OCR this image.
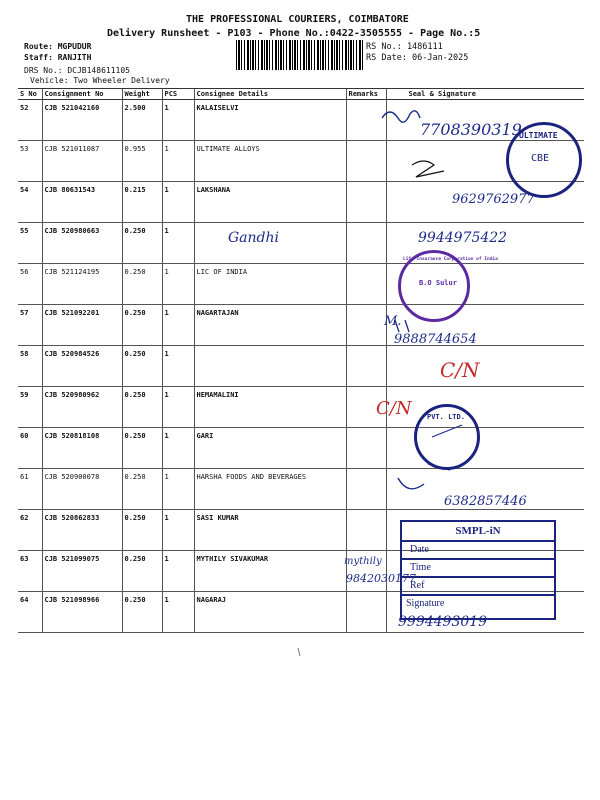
THE PROFESSIONAL COURIERS, COIMBATORE
Delivery Runsheet - P103 - Phone No.:0422-3505555 - Page No.:5
Route: MGPUDUR
Staff: RANJITH
RS No.: 1486111
RS Date: 06-Jan-2025
DRS No.: DCJB148611105
Vehicle: Two Wheeler Delivery
S No	Consignment No	Weight	PCS	Consignee Details	Remarks	Seal & Signature
52	CJB 521042160	2.500	1	KALAISELVI		
53	CJB 521011087	0.955	1	ULTIMATE ALLOYS		
54	CJB 80631543	0.215	1	LAKSHANA		
55	CJB 520980663	0.250	1			
56	CJB 521124195	0.250	1	LIC OF INDIA		
57	CJB 521092201	0.250	1	NAGARTAJAN		
58	CJB 520984526	0.250	1			
59	CJB 520980962	0.250	1	HEMAMALINI		
60	CJB 520818108	0.250	1	GARI		
61	CJB 520900078	0.250	1	HARSHA FOODS AND BEVERAGES		
62	CJB 520862833	0.250	1	SASI KUMAR		
63	CJB 521099075	0.250	1	MYTHILY SIVAKUMAR		
64	CJB 521098966	0.250	1	NAGARAJ		
7708390319
9629762977
Gandhi	9944975422
M.
9888744654
C/N
C/N
6382857446
mythily
9842030177
9994493019
ULTIMATE
CBE
Life Insurance Corporation of India
B.O Sulur
PVT. LTD.
SMPL-iN
Date
Time
Ref
Signature
